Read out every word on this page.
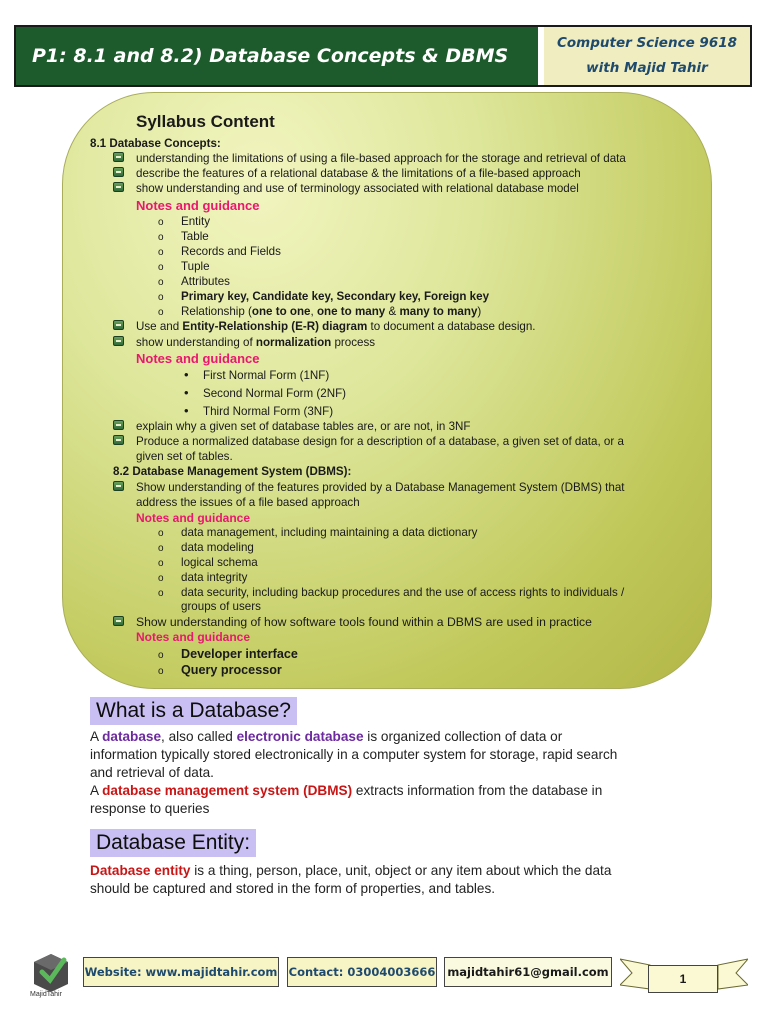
P1: 8.1 and 8.2) Database Concepts & DBMS
Computer Science 9618
with Majid Tahir
Syllabus Content
8.1 Database Concepts:
understanding the limitations of using a file-based approach for the storage and retrieval of data
describe the features of a relational database & the limitations of a file-based approach
show understanding and use of terminology associated with relational database model
Notes and guidance
o Entity
o Table
o Records and Fields
o Tuple
o Attributes
o Primary key, Candidate key, Secondary key, Foreign key
o Relationship (one to one, one to many & many to many)
Use and Entity-Relationship (E-R) diagram to document a database design.
show understanding of normalization process
Notes and guidance
• First Normal Form (1NF)
• Second Normal Form (2NF)
• Third Normal Form (3NF)
explain why a given set of database tables are, or are not, in 3NF
Produce a normalized database design for a description of a database, a given set of data, or a
given set of tables.
8.2 Database Management System (DBMS):
Show understanding of the features provided by a Database Management System (DBMS) that
address the issues of a file based approach
Notes and guidance
o data management, including maintaining a data dictionary
o data modeling
o logical schema
o data integrity
o data security, including backup procedures and the use of access rights to individuals /
groups of users
Show understanding of how software tools found within a DBMS are used in practice
Notes and guidance
o Developer interface
o Query processor
​
What is a Database?
A database, also called electronic database is organized collection of data or
information typically stored electronically in a computer system for storage, rapid search
and retrieval of data.
A database management system (DBMS) extracts information from the database in
response to queries
Database Entity:
Database entity is a thing, person, place, unit, object or any item about which the data
should be captured and stored in the form of properties, and tables.
MajidTahir
Website: www.majidtahir.com Contact: 03004003666 majidtahir61@gmail.com	1
